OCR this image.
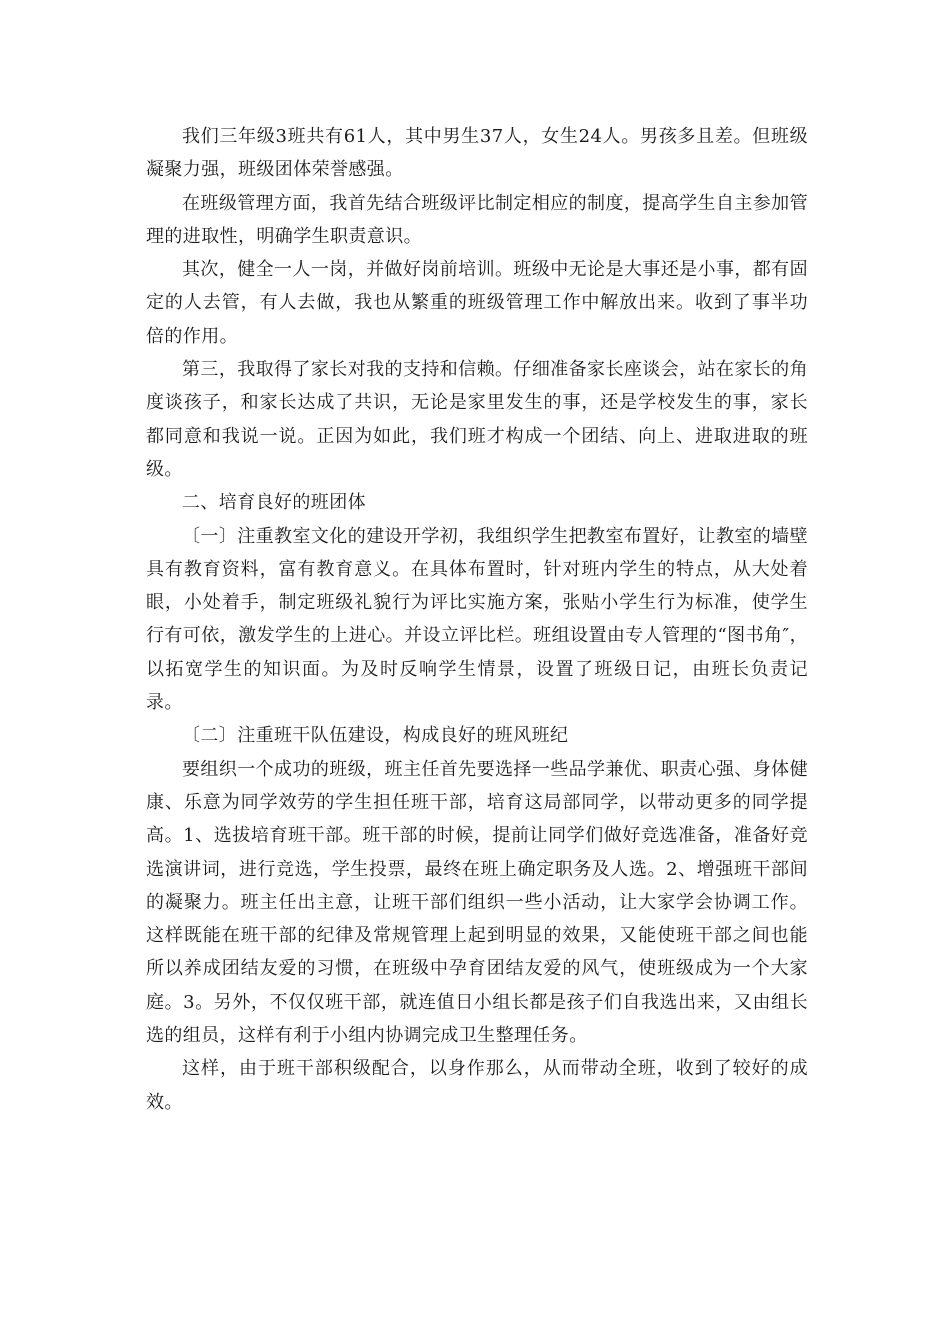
我们三年级3班共有61人，其中男生37人，女生24人。男孩多且差。但班级凝聚力强，班级团体荣誉感强。

在班级管理方面，我首先结合班级评比制定相应的制度，提高学生自主参加管理的进取性，明确学生职责意识。

其次，健全一人一岗，并做好岗前培训。班级中无论是大事还是小事，都有固定的人去管，有人去做，我也从繁重的班级管理工作中解放出来。收到了事半功倍的作用。

第三，我取得了家长对我的支持和信赖。仔细准备家长座谈会，站在家长的角度谈孩子，和家长达成了共识，无论是家里发生的事，还是学校发生的事，家长都同意和我说一说。正因为如此，我们班才构成一个团结、向上、进取进取的班级。

二、培育良好的班团体

〔一〕注重教室文化的建设开学初，我组织学生把教室布置好，让教室的墙壁具有教育资料，富有教育意义。在具体布置时，针对班内学生的特点，从大处着眼，小处着手，制定班级礼貌行为评比实施方案，张贴小学生行为标准，使学生行有可依，激发学生的上进心。并设立评比栏。班组设置由专人管理的“图书角″，以拓宽学生的知识面。为及时反响学生情景，设置了班级日记，由班长负责记录。

〔二〕注重班干队伍建设，构成良好的班风班纪

要组织一个成功的班级，班主任首先要选择一些品学兼优、职责心强、身体健康、乐意为同学效劳的学生担任班干部，培育这局部同学，以带动更多的同学提高。1、选拔培育班干部。班干部的时候，提前让同学们做好竞选准备，准备好竞选演讲词，进行竞选，学生投票，最终在班上确定职务及人选。2、增强班干部间的凝聚力。班主任出主意，让班干部们组织一些小活动，让大家学会协调工作。这样既能在班干部的纪律及常规管理上起到明显的效果，又能使班干部之间也能所以养成团结友爱的习惯，在班级中孕育团结友爱的风气，使班级成为一个大家庭。3。另外，不仅仅班干部，就连值日小组长都是孩子们自我选出来，又由组长选的组员，这样有利于小组内协调完成卫生整理任务。

这样，由于班干部积级配合，以身作那么，从而带动全班，收到了较好的成效。
